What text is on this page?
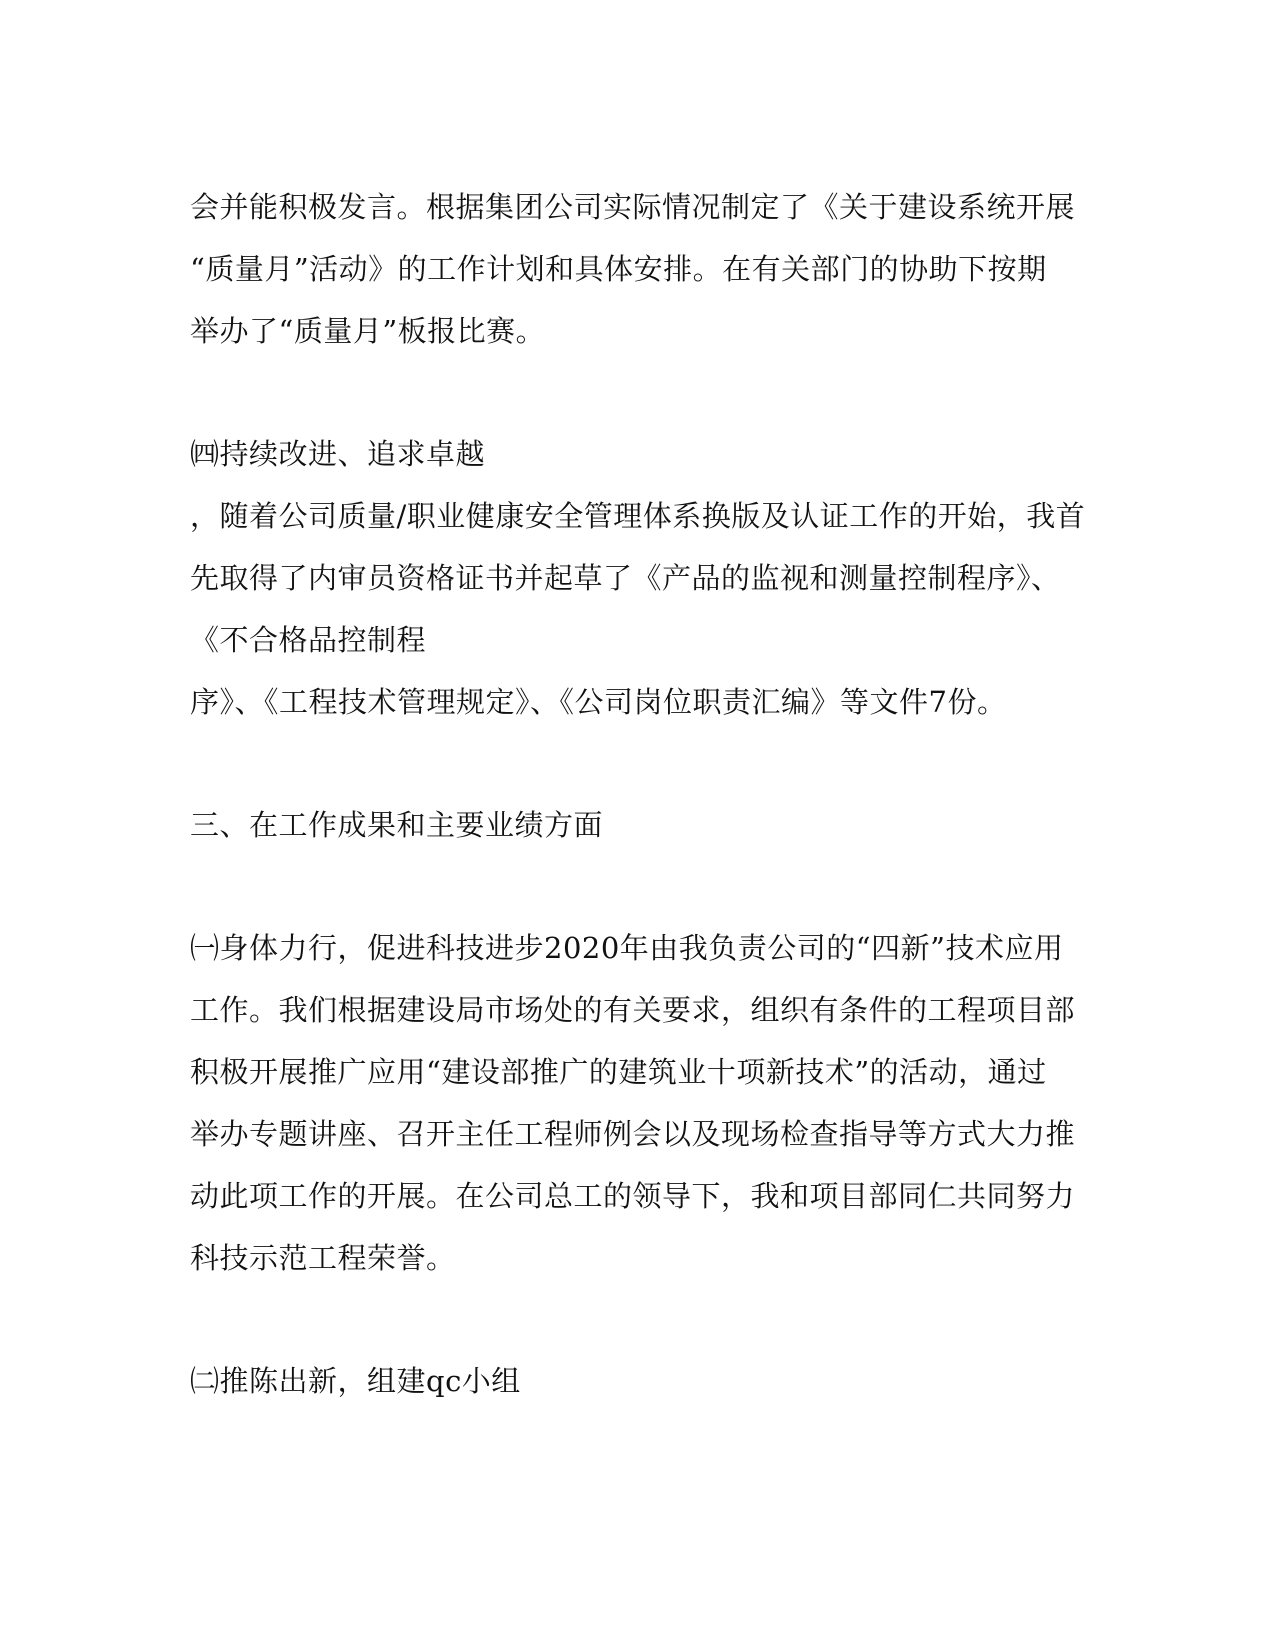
会并能积极发言。根据集团公司实际情况制定了《关于建设系统开展

“质量月”活动》的工作计划和具体安排。在有关部门的协助下按期

举办了“质量月”板报比赛。

㈣持续改进、追求卓越

，随着公司质量/职业健康安全管理体系换版及认证工作的开始，我首

先取得了内审员资格证书并起草了《产品的监视和测量控制程序》、

《不合格品控制程

序》、《工程技术管理规定》、《公司岗位职责汇编》等文件7份。

三、在工作成果和主要业绩方面

㈠身体力行，促进科技进步2020年由我负责公司的“四新”技术应用

工作。我们根据建设局市场处的有关要求，组织有条件的工程项目部

积极开展推广应用“建设部推广的建筑业十项新技术”的活动，通过

举办专题讲座、召开主任工程师例会以及现场检查指导等方式大力推

动此项工作的开展。在公司总工的领导下，我和项目部同仁共同努力

科技示范工程荣誉。

㈡推陈出新，组建qc小组
